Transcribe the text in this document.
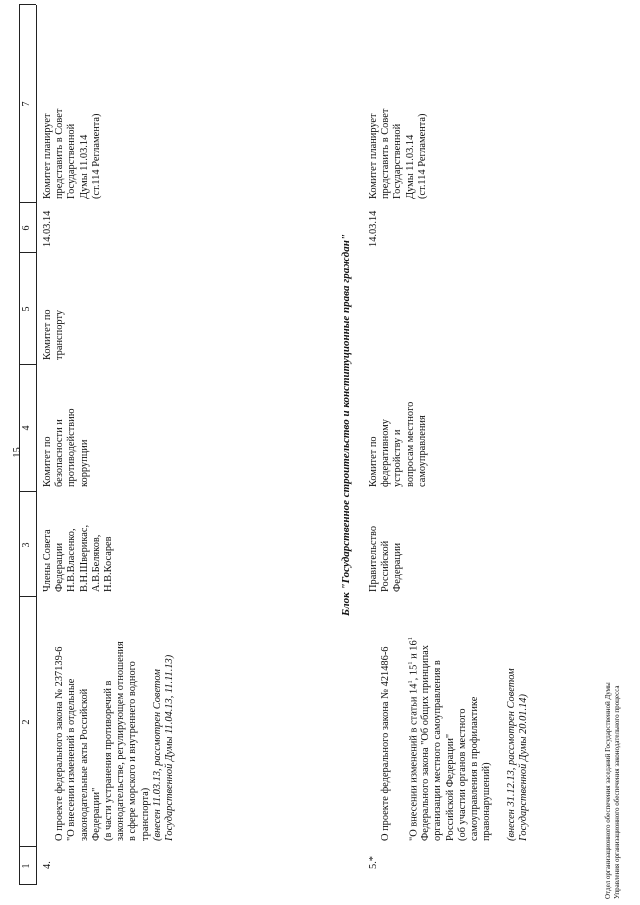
15
1
2
3
4
5
6
7
4.

О проекте федерального закона № 237139-6
"О внесении изменений в отдельные
законодательные акты Российской
Федерации"
(в части устранения противоречий в
законодательстве, регулирующем отношения
в сфере морского и внутреннего водного
транспорта) (внесен 11.03.13, рассмотрен Советом
Государственной Думы 11.04.13, 11.11.13)

Члены Совета
Федерации
Н.В.Власенко,
В.Н.Шверикас,
А.В.Беляков,
Н.В.Косарев
Комитет по
безопасности и
противодействию
коррупции
Комитет по
транспорту
14.03.14
Комитет планирует
представить в Совет
Государственной
Думы 11.03.14
(ст.114 Регламента)
Блок "Государственное строительство и конституционные права граждан"
5.*

О проекте федерального закона № 421486-6 "О внесении изменений в статьи $14^1$, $15^1$ и $16^1$

Федерального закона "Об общих принципах
организации местного самоуправления в
Российской Федерации"
(об участии органов местного
самоуправления в профилактике
правонарушений) (внесен 31.12.13, рассмотрен Советом
Государственной Думы 20.01.14)

Правительство
Российской
Федерации
Комитет по
федеративному
устройству и
вопросам местного
самоуправления
14.03.14
Комитет планирует
представить в Совет
Государственной
Думы 11.03.14
(ст.114 Регламента)
Отдел организационного обеспечения заседаний Государственной Думы Управления организационного обеспечения законодательного процесса
